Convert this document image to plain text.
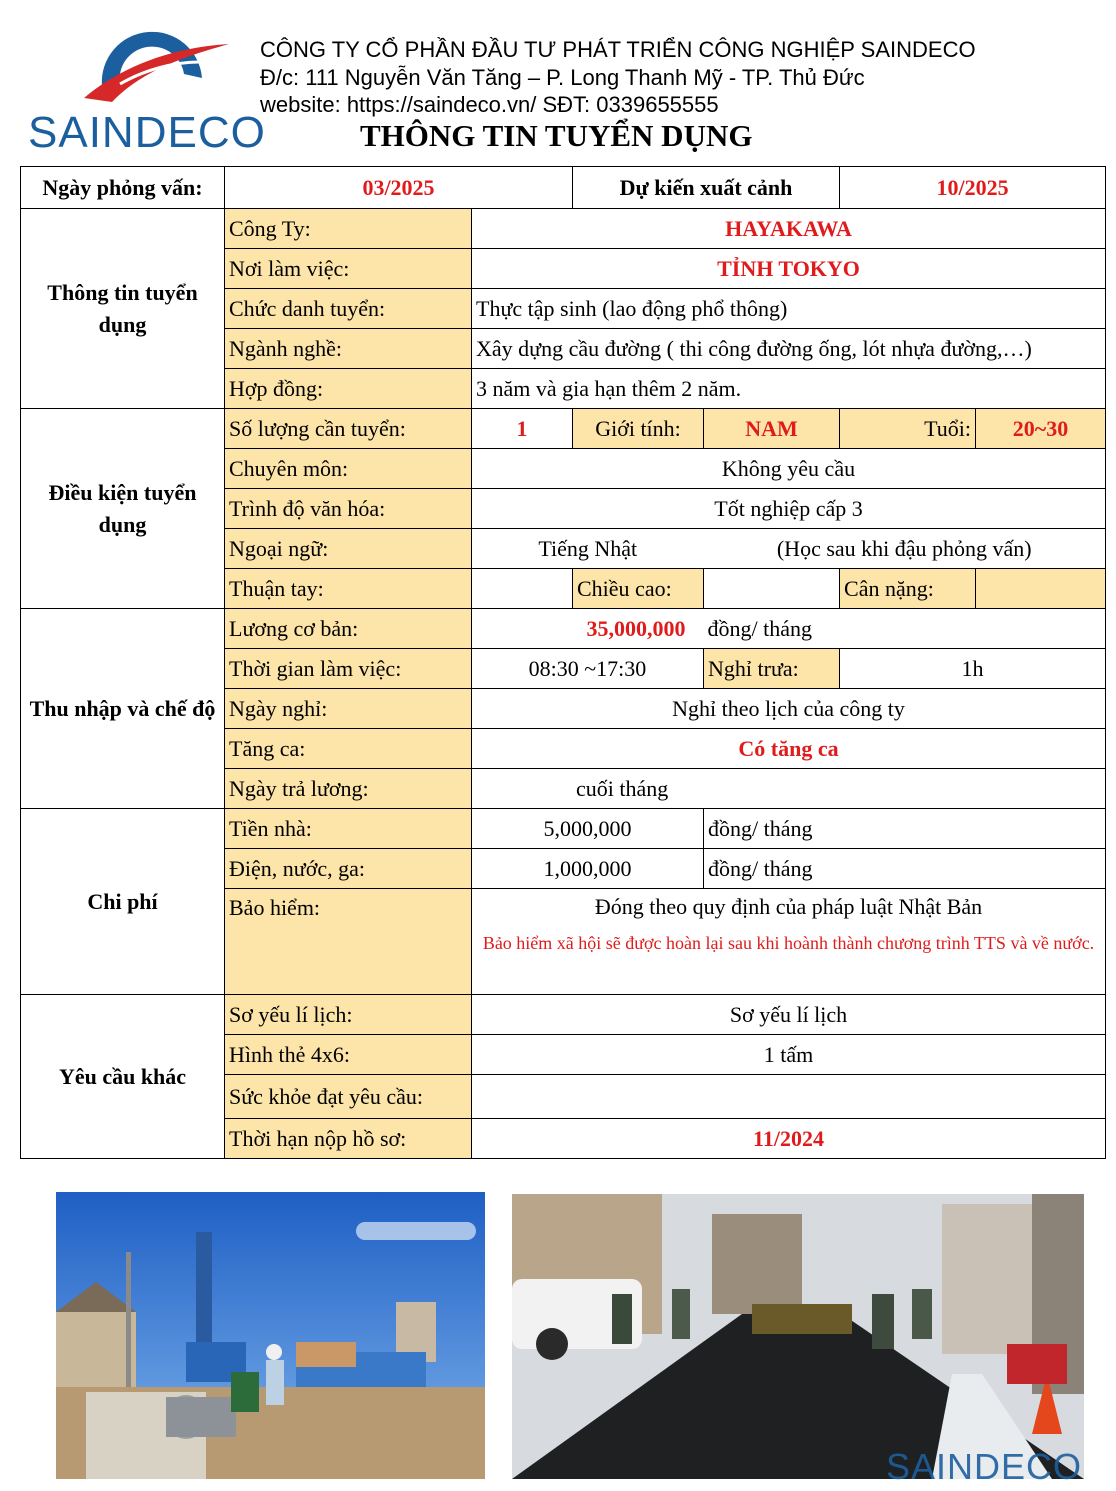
SAINDECO
CÔNG TY CỔ PHẦN ĐẦU TƯ PHÁT TRIỂN CÔNG NGHIỆP SAINDECO
Đ/c: 111 Nguyễn Văn Tăng – P. Long Thanh Mỹ - TP. Thủ Đức
website: https://saindeco.vn/ SĐT: 0339655555
THÔNG TIN TUYỂN DỤNG
Ngày phỏng vấn:	03/2025		Dự kiến xuất cảnh		10/2025	
Thông tin tuyển dụng	Công Ty:	HAYAKAWA				
	Nơi làm việc:	TỈNH TOKYO				
	Chức danh tuyển:	Thực tập sinh (lao động phổ thông)				
	Ngành nghề:	Xây dựng cầu đường ( thi công đường ống, lót nhựa đường,…)				
	Hợp đồng:	3 năm và gia hạn thêm 2 năm.				
Điều kiện tuyển dụng	Số lượng cần tuyển:	1	Giới tính:	NAM	Tuổi:	20~30
	Chuyên môn:	Không yêu cầu				
	Trình độ văn hóa:	Tốt nghiệp cấp 3				
	Ngoại ngữ:	Tiếng Nhật		(Học sau khi đậu phỏng vấn)		
	Thuận tay:		Chiều cao:		Cân nặng:	
Thu nhập và chế độ	Lương cơ bản:	35,000,000		đồng/ tháng		
	Thời gian làm việc:	08:30 ~17:30		Nghỉ trưa:	1h	
	Ngày nghỉ:	Nghỉ theo lịch của công ty				
	Tăng ca:	Có tăng ca				
	Ngày trả lương:	cuối tháng				
Chi phí	Tiền nhà:	5,000,000		đồng/ tháng		
	Điện, nước, ga:	1,000,000		đồng/ tháng		
	Bảo hiểm:	Đóng theo quy định của pháp luật Nhật Bản
Bảo hiểm xã hội sẽ được hoàn lại sau khi hoành thành chương trình TTS và về nước.				

Yêu cầu khác	Sơ yếu lí lịch:	Sơ yếu lí lịch				
	Hình thẻ 4x6:	1 tấm				
	Sức khỏe đạt yêu cầu:					
	Thời hạn nộp hồ sơ:	11/2024				
SAINDECO
